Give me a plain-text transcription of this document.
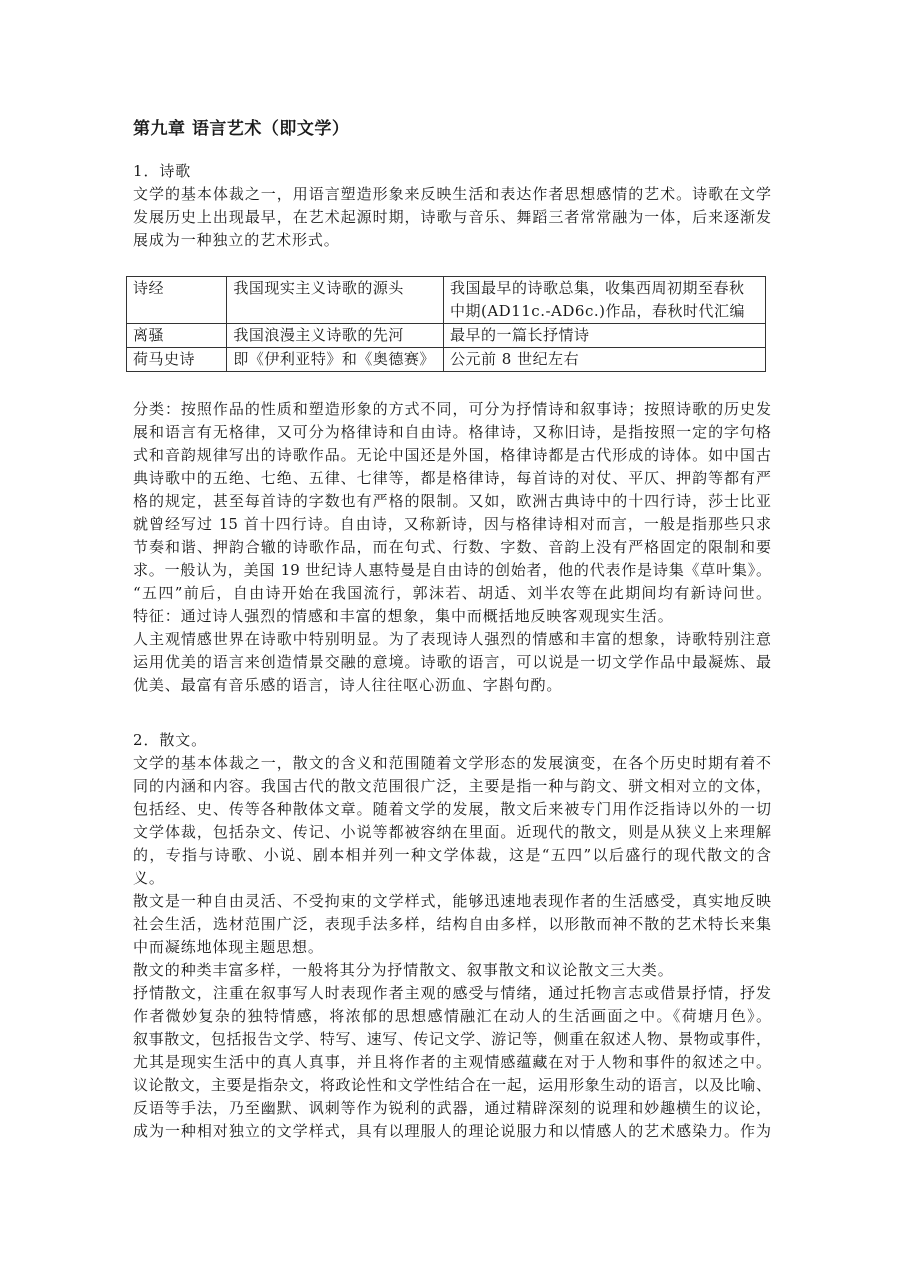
第九章 语言艺术（即文学）
1．诗歌
文学的基本体裁之一，用语言塑造形象来反映生活和表达作者思想感情的艺术。诗歌在文学
发展历史上出现最早，在艺术起源时期，诗歌与音乐、舞蹈三者常常融为一体，后来逐渐发
展成为一种独立的艺术形式。
诗经	我国现实主义诗歌的源头	我国最早的诗歌总集，收集西周初期至春秋
中期(AD11c.-AD6c.)作品，春秋时代汇编

离骚	我国浪漫主义诗歌的先河	最早的一篇长抒情诗
荷马史诗	即《伊利亚特》和《奥德赛》	公元前 8 世纪左右
分类：按照作品的性质和塑造形象的方式不同，可分为抒情诗和叙事诗；按照诗歌的历史发
展和语言有无格律，又可分为格律诗和自由诗。格律诗，又称旧诗，是指按照一定的字句格
式和音韵规律写出的诗歌作品。无论中国还是外国，格律诗都是古代形成的诗体。如中国古
典诗歌中的五绝、七绝、五律、七律等，都是格律诗，每首诗的对仗、平仄、押韵等都有严
格的规定，甚至每首诗的字数也有严格的限制。又如，欧洲古典诗中的十四行诗，莎士比亚
就曾经写过 15 首十四行诗。自由诗，又称新诗，因与格律诗相对而言，一般是指那些只求
节奏和谐、押韵合辙的诗歌作品，而在句式、行数、字数、音韵上没有严格固定的限制和要
求。一般认为，美国 19 世纪诗人惠特曼是自由诗的创始者，他的代表作是诗集《草叶集》。
“五四”前后，自由诗开始在我国流行，郭沫若、胡适、刘半农等在此期间均有新诗问世。
特征：通过诗人强烈的情感和丰富的想象，集中而概括地反映客观现实生活。
人主观情感世界在诗歌中特别明显。为了表现诗人强烈的情感和丰富的想象，诗歌特别注意
运用优美的语言来创造情景交融的意境。诗歌的语言，可以说是一切文学作品中最凝炼、最
优美、最富有音乐感的语言，诗人往往呕心沥血、字斟句酌。
2．散文。
文学的基本体裁之一，散文的含义和范围随着文学形态的发展演变，在各个历史时期有着不
同的内涵和内容。我国古代的散文范围很广泛，主要是指一种与韵文、骈文相对立的文体，
包括经、史、传等各种散体文章。随着文学的发展，散文后来被专门用作泛指诗以外的一切
文学体裁，包括杂文、传记、小说等都被容纳在里面。近现代的散文，则是从狭义上来理解
的，专指与诗歌、小说、剧本相并列一种文学体裁，这是“五四”以后盛行的现代散文的含
义。
散文是一种自由灵活、不受拘束的文学样式，能够迅速地表现作者的生活感受，真实地反映
社会生活，选材范围广泛，表现手法多样，结构自由多样，以形散而神不散的艺术特长来集
中而凝练地体现主题思想。
散文的种类丰富多样，一般将其分为抒情散文、叙事散文和议论散文三大类。
抒情散文，注重在叙事写人时表现作者主观的感受与情绪，通过托物言志或借景抒情，抒发
作者微妙复杂的独特情感，将浓郁的思想感情融汇在动人的生活画面之中。《荷塘月色》。
叙事散文，包括报告文学、特写、速写、传记文学、游记等，侧重在叙述人物、景物或事件，
尤其是现实生活中的真人真事，并且将作者的主观情感蕴藏在对于人物和事件的叙述之中。
议论散文，主要是指杂文，将政论性和文学性结合在一起，运用形象生动的语言，以及比喻、
反语等手法，乃至幽默、讽刺等作为锐利的武器，通过精辟深刻的说理和妙趣横生的议论，
成为一种相对独立的文学样式，具有以理服人的理论说服力和以情感人的艺术感染力。作为
